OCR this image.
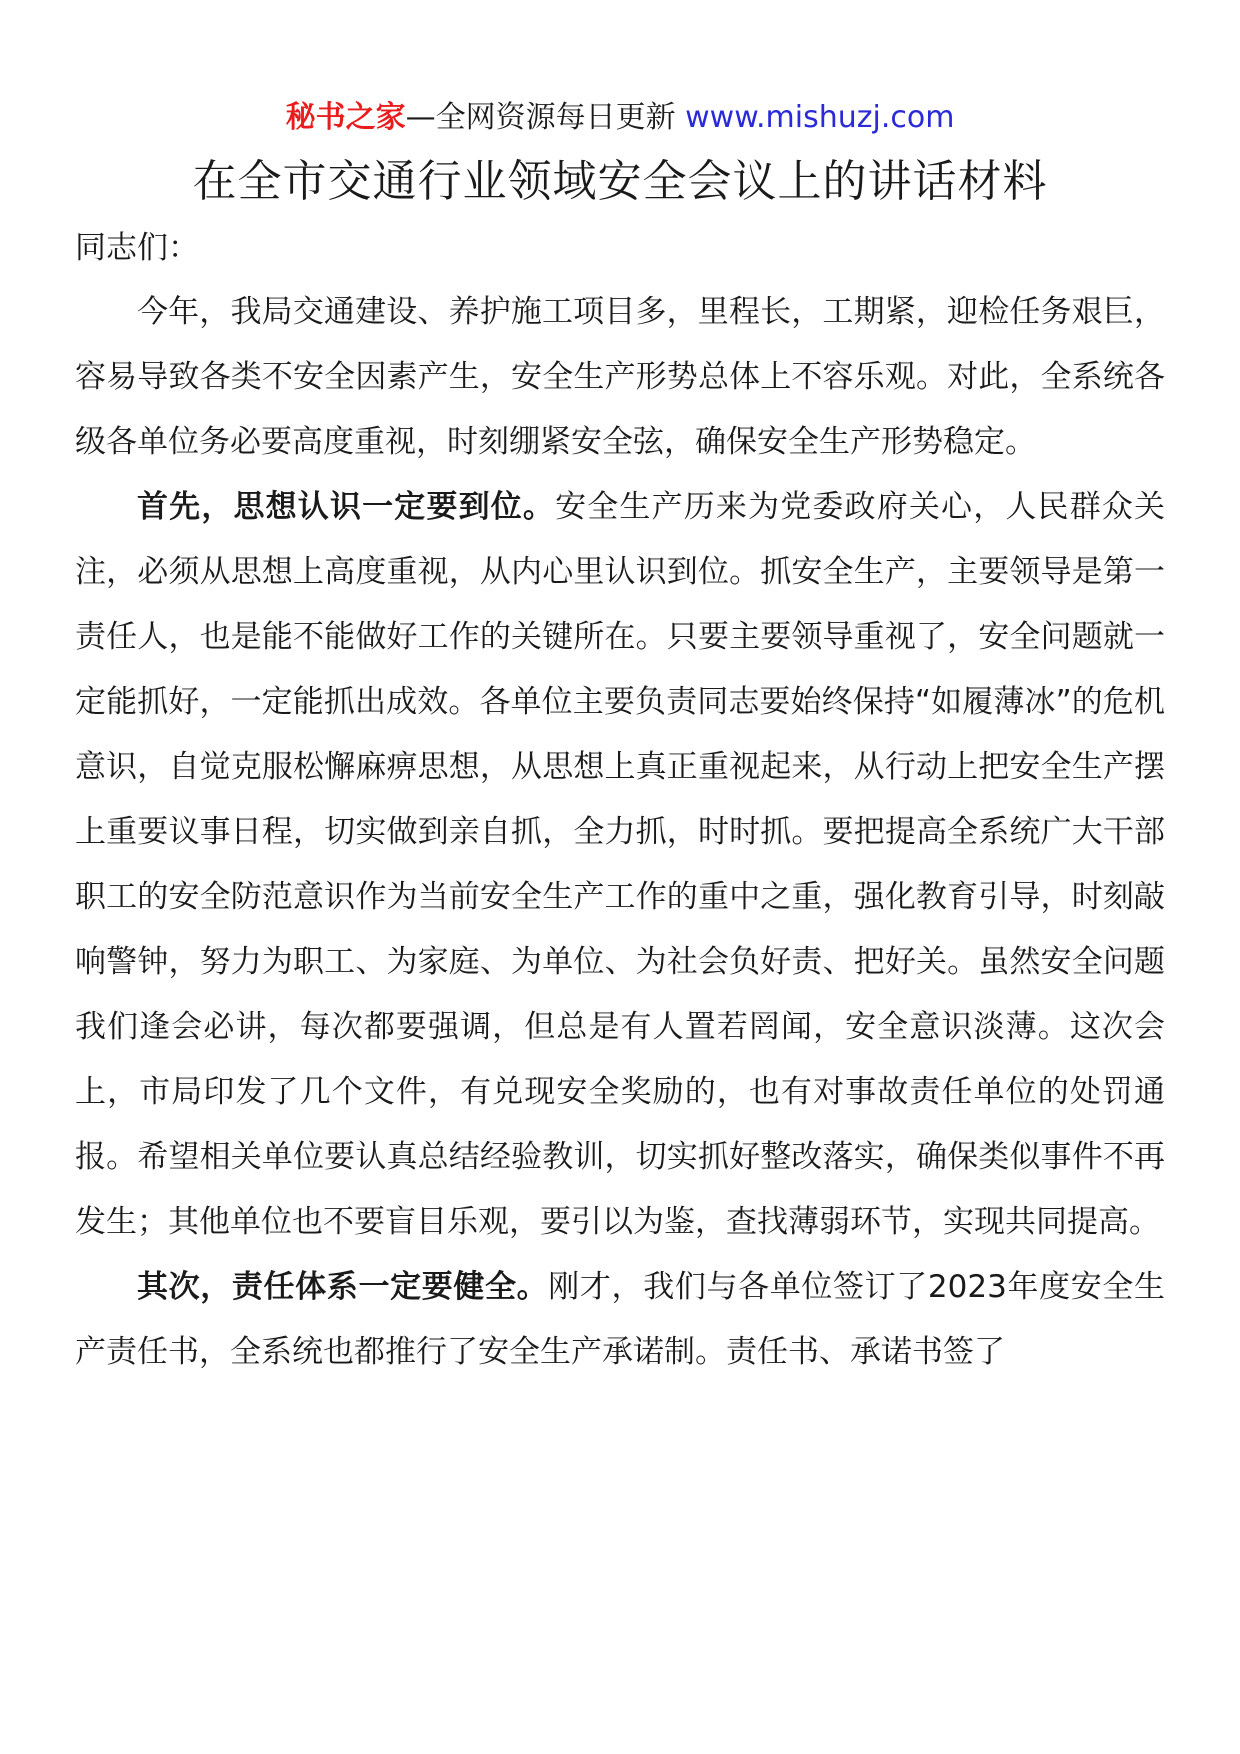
秘书之家—全网资源每日更新 www.mishuzj.com
在全市交通行业领域安全会议上的讲话材料
同志们：

今年，我局交通建设、养护施工项目多，里程长，工期紧，迎检任务艰巨，容易导致各类不安全因素产生，安全生产形势总体上不容乐观。对此，全系统各级各单位务必要高度重视，时刻绷紧安全弦，确保安全生产形势稳定。

首先，思想认识一定要到位。安全生产历来为党委政府关心，人民群众关注，必须从思想上高度重视，从内心里认识到位。抓安全生产，主要领导是第一责任人，也是能不能做好工作的关键所在。只要主要领导重视了，安全问题就一定能抓好，一定能抓出成效。各单位主要负责同志要始终保持“如履薄冰”的危机意识，自觉克服松懈麻痹思想，从思想上真正重视起来，从行动上把安全生产摆上重要议事日程，切实做到亲自抓，全力抓，时时抓。要把提高全系统广大干部职工的安全防范意识作为当前安全生产工作的重中之重，强化教育引导，时刻敲响警钟，努力为职工、为家庭、为单位、为社会负好责、把好关。虽然安全问题我们逢会必讲，每次都要强调，但总是有人置若罔闻，安全意识淡薄。这次会上，市局印发了几个文件，有兑现安全奖励的，也有对事故责任单位的处罚通报。希望相关单位要认真总结经验教训，切实抓好整改落实，确保类似事件不再发生；其他单位也不要盲目乐观，要引以为鉴，查找薄弱环节，实现共同提高。

其次，责任体系一定要健全。刚才，我们与各单位签订了2023年度安全生产责任书，全系统也都推行了安全生产承诺制。责任书、承诺书签了
